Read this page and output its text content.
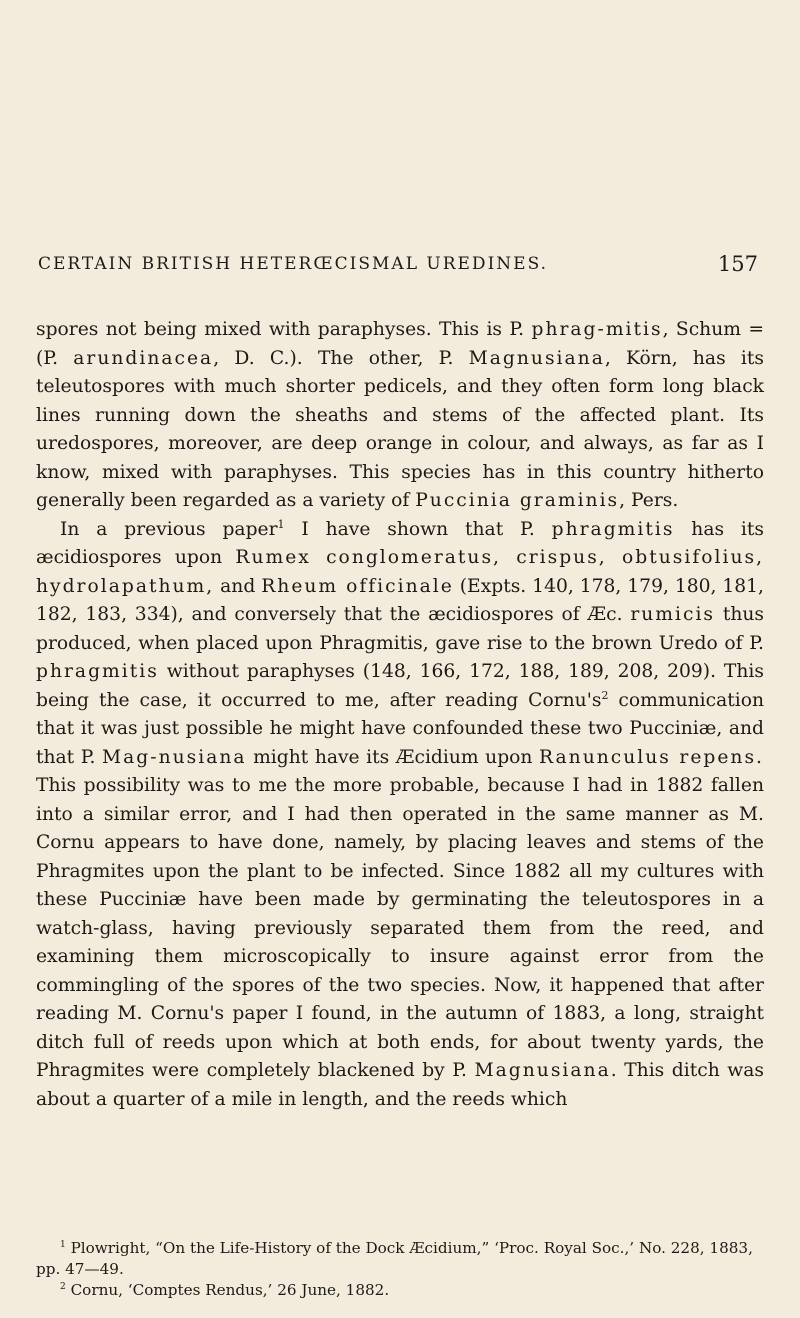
CERTAIN BRITISH HETERŒCISMAL UREDINES.	157

spores not being mixed with paraphyses. This is P. phrag-mitis, Schum = (P. arundinacea, D. C.). The other, P. Magnusiana, Körn, has its teleutospores with much shorter pedicels, and they often form long black lines running down the sheaths and stems of the affected plant. Its uredospores, moreover, are deep orange in colour, and always, as far as I know, mixed with paraphyses. This species has in this country hitherto generally been regarded as a variety of Puccinia graminis, Pers.

In a previous paper$^1$ I have shown that P. phragmitis has its æcidiospores upon Rumex conglomeratus, crispus, obtusifolius, hydrolapathum, and Rheum officinale (Expts. 140, 178, 179, 180, 181, 182, 183, 334), and conversely that the æcidiospores of Æc. rumicis thus produced, when placed upon Phragmitis, gave rise to the brown Uredo of P. phragmitis without paraphyses (148, 166, 172, 188, 189, 208, 209). This being the case, it occurred to me, after reading $Cornu's^2$ communication that it was just possible he might have confounded these two Pucciniæ, and that P. Mag-nusiana might have its Æcidium upon Ranunculus repens. This possibility was to me the more probable, because I had in 1882 fallen into a similar error, and I had then operated in the same manner as M. Cornu appears to have done, namely, by placing leaves and stems of the Phragmites upon the plant to be infected. Since 1882 all my cultures with these Pucciniæ have been made by germinating the teleutospores in a watch-glass, having previously separated them from the reed, and examining them microscopically to insure against error from the commingling of the spores of the two species. Now, it happened that after reading M. Cornu's paper I found, in the autumn of 1883, a long, straight ditch full of reeds upon which at both ends, for about twenty yards, the Phragmites were completely blackened by P. Magnusiana. This ditch was about a quarter of a mile in length, and the reeds which

$^1$ Plowright, “On the Life-History of the Dock Æcidium,” ‘Proc. Royal Soc.,’ No. 228, 1883, pp. 47—49.

$^2$ Cornu, ‘Comptes Rendus,’ 26 June, 1882.
